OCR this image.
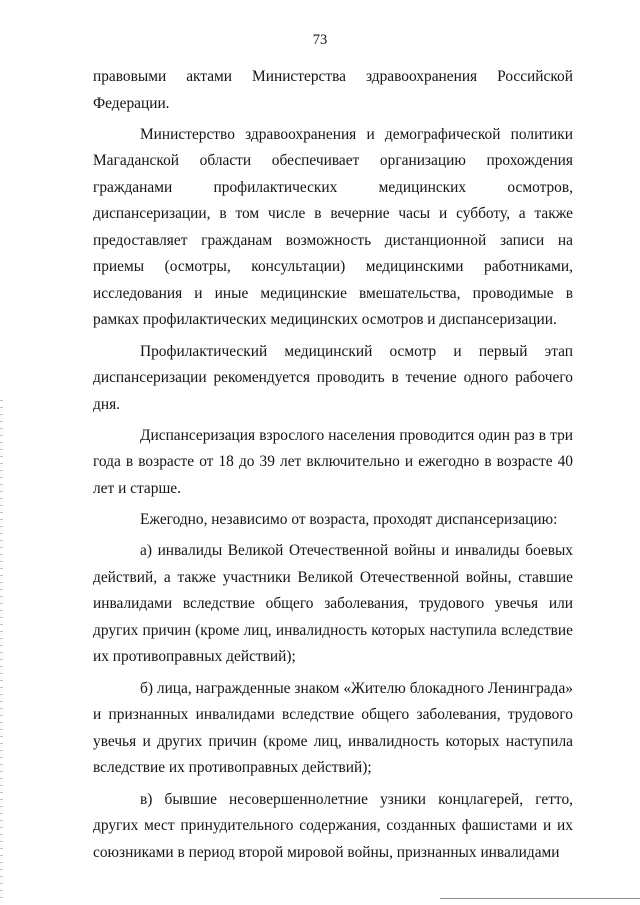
73

правовыми актами Министерства здравоохранения Российской Федерации.

Министерство здравоохранения и демографической политики Магаданской области обеспечивает организацию прохождения гражданами профилактических медицинских осмотров, диспансеризации, в том числе в вечерние часы и субботу, а также предоставляет гражданам возможность дистанционной записи на приемы (осмотры, консультации) медицинскими работниками, исследования и иные медицинские вмешательства, проводимые в рамках профилактических медицинских осмотров и диспансеризации.

Профилактический медицинский осмотр и первый этап диспансеризации рекомендуется проводить в течение одного рабочего дня.

Диспансеризация взрослого населения проводится один раз в три года в возрасте от 18 до 39 лет включительно и ежегодно в возрасте 40 лет и старше.

Ежегодно, независимо от возраста, проходят диспансеризацию:

а) инвалиды Великой Отечественной войны и инвалиды боевых действий, а также участники Великой Отечественной войны, ставшие инвалидами вследствие общего заболевания, трудового увечья или других причин (кроме лиц, инвалидность которых наступила вследствие их противоправных действий);

б) лица, награжденные знаком «Жителю блокадного Ленинграда» и признанных инвалидами вследствие общего заболевания, трудового увечья и других причин (кроме лиц, инвалидность которых наступила вследствие их противоправных действий);

в) бывшие несовершеннолетние узники концлагерей, гетто, других мест принудительного содержания, созданных фашистами и их союзниками в период второй мировой войны, признанных инвалидами
